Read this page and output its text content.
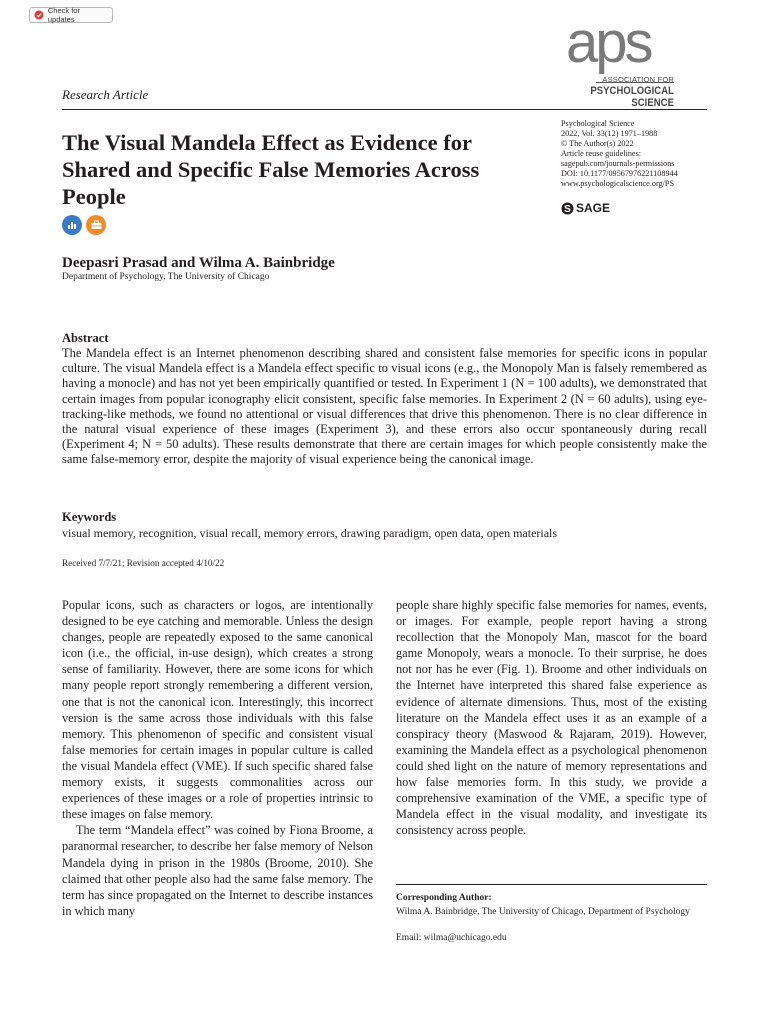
Check for updates	aps
ASSOCIATION FOR
PSYCHOLOGICAL SCIENCE
Research Article
The Visual Mandela Effect as Evidence for Shared and Specific False Memories Across People
Deepasri Prasad and Wilma A. Bainbridge
Department of Psychology, The University of Chicago
Psychological Science
2022, Vol. 33(12) 1971–1988
© The Author(s) 2022
Article reuse guidelines:
sagepub.com/journals-permissions
DOI: 10.1177/09567976221108944
www.psychologicalscience.org/PS
S SAGE
Abstract

The Mandela effect is an Internet phenomenon describing shared and consistent false memories for specific icons in popular culture. The visual Mandela effect is a Mandela effect specific to visual icons (e.g., the Monopoly Man is falsely remembered as having a monocle) and has not yet been empirically quantified or tested. In Experiment 1 (N = 100 adults), we demonstrated that certain images from popular iconography elicit consistent, specific false memories. In Experiment 2 (N = 60 adults), using eye-tracking-like methods, we found no attentional or visual differences that drive this phenomenon. There is no clear difference in the natural visual experience of these images (Experiment 3), and these errors also occur spontaneously during recall (Experiment 4; N = 50 adults). These results demonstrate that there are certain images for which people consistently make the same false-memory error, despite the majority of visual experience being the canonical image.

Keywords
visual memory, recognition, visual recall, memory errors, drawing paradigm, open data, open materials
Received 7/7/21; Revision accepted 4/10/22

Popular icons, such as characters or logos, are intentionally designed to be eye catching and memorable. Unless the design changes, people are repeatedly exposed to the same canonical icon (i.e., the official, in-use design), which creates a strong sense of familiarity. However, there are some icons for which many people report strongly remembering a different version, one that is not the canonical icon. Interestingly, this incorrect version is the same across those individuals with this false memory. This phenomenon of specific and consistent visual false memories for certain images in popular culture is called the visual Mandela effect (VME). If such specific shared false memory exists, it suggests commonalities across our experiences of these images or a role of properties intrinsic to these images on false memory.

The term “Mandela effect” was coined by Fiona Broome, a paranormal researcher, to describe her false memory of Nelson Mandela dying in prison in the 1980s (Broome, 2010). She claimed that other people also had the same false memory. The term has since propagated on the Internet to describe instances in which many

people share highly specific false memories for names, events, or images. For example, people report having a strong recollection that the Monopoly Man, mascot for the board game Monopoly, wears a monocle. To their surprise, he does not nor has he ever (Fig. 1). Broome and other individuals on the Internet have interpreted this shared false experience as evidence of alternate dimensions. Thus, most of the existing literature on the Mandela effect uses it as an example of a conspiracy theory (Maswood & Rajaram, 2019). However, examining the Mandela effect as a psychological phenomenon could shed light on the nature of memory representations and how false memories form. In this study, we provide a comprehensive examination of the VME, a specific type of Mandela effect in the visual modality, and investigate its consistency across people.

Corresponding Author:
Wilma A. Bainbridge, The University of Chicago, Department of Psychology
Email: wilma@uchicago.edu
